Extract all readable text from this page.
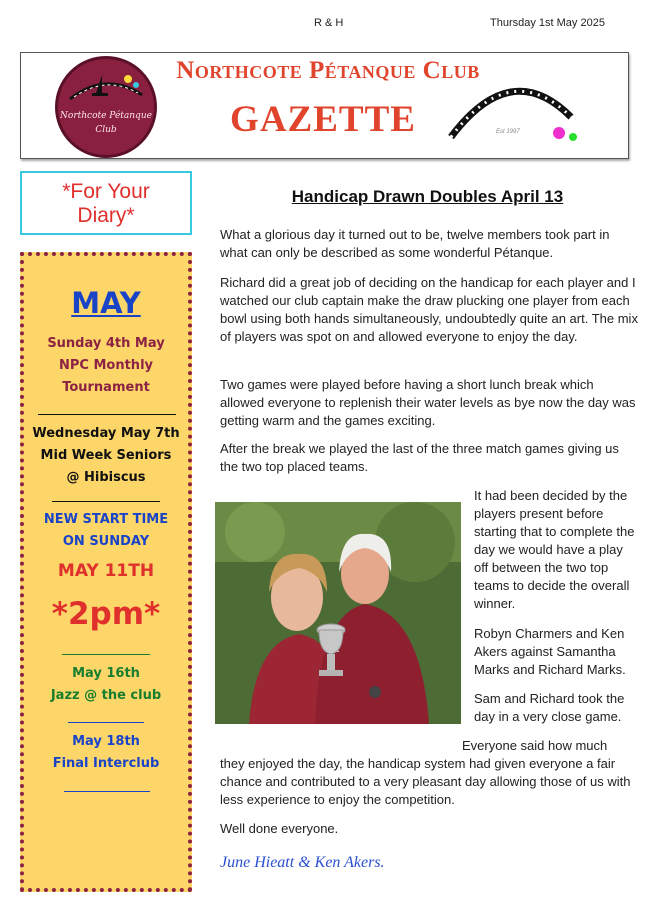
R & H	Thursday 1st May 2025
Northcote Pétanque
Club
Northcote Pétanque Club
GAZETTE	Est 1997
*For Your
Diary*
MAY
Sunday 4th May
NPC Monthly
Tournament
Wednesday May 7th
Mid Week Seniors
@ Hibiscus
NEW START TIME
ON SUNDAY
MAY 11TH
*2pm*
May 16th
Jazz @ the club
May 18th
Final Interclub
Handicap Drawn Doubles April 13
What a glorious day it turned out to be, twelve members took part in what can only be described as some wonderful Pétanque.
Richard did a great job of deciding on the handicap for each player and I watched our club captain make the draw plucking one player from each bowl using both hands simultaneously, undoubtedly quite an art. The mix of players was spot on and allowed everyone to enjoy the day.
Two games were played before having a short lunch break which allowed everyone to replenish their water levels as bye now the day was getting warm and the games exciting.
After the break we played the last of the three match games giving us the two top placed teams.
It had been decided by the players present before starting that to complete the day we would have a play off between the two top teams to decide the overall winner.
Robyn Charmers and Ken Akers against Samantha Marks and Richard Marks.
Sam and Richard took the day in a very close game.
Everyone said how much
they enjoyed the day, the handicap system had given everyone a fair chance and contributed to a very pleasant day allowing those of us with less experience to enjoy the competition.
Well done everyone.
June Hieatt & Ken Akers.
